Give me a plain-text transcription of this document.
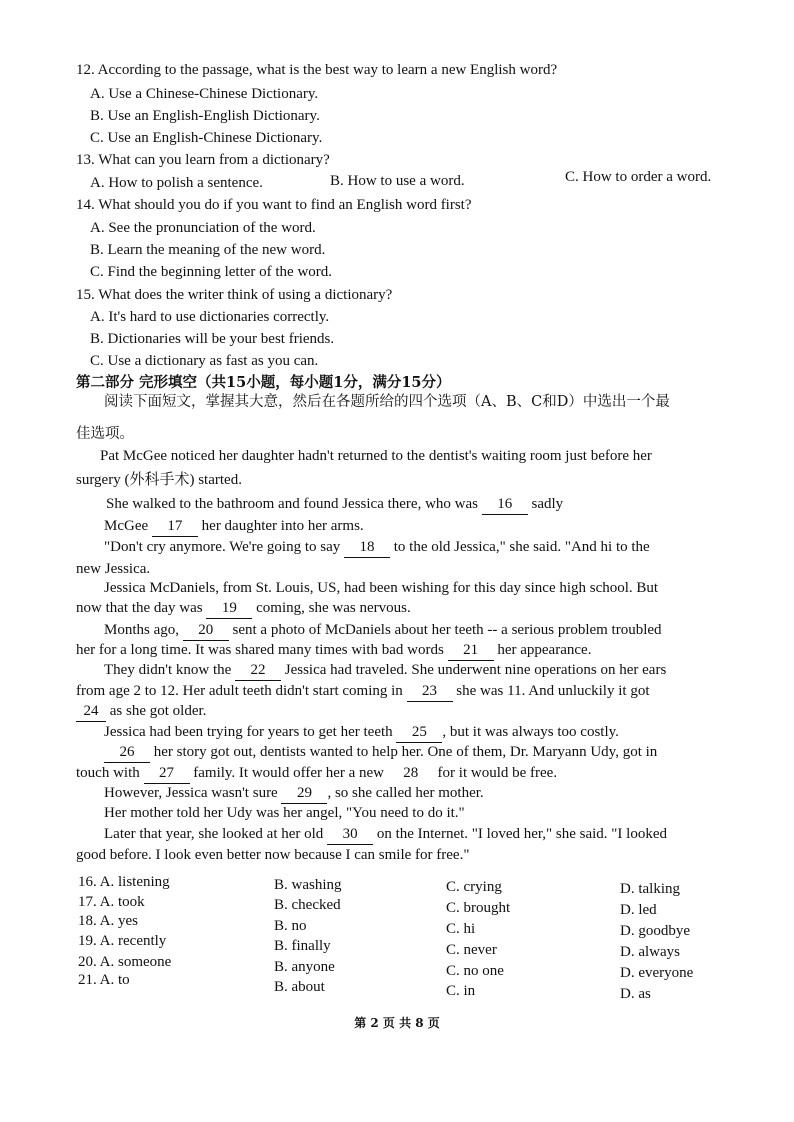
12. According to the passage, what is the best way to learn a new English word?
A. Use a Chinese-Chinese Dictionary.
B. Use an English-English Dictionary.
C. Use an English-Chinese Dictionary.
13. What can you learn from a dictionary?
A. How to polish a sentence.	B. How to use a word.	C. How to order a word.
14. What should you do if you want to find an English word first?
A. See the pronunciation of the word.
B. Learn the meaning of the new word.
C. Find the beginning letter of the word.
15. What does the writer think of using a dictionary?
A. It's hard to use dictionaries correctly.
B. Dictionaries will be your best friends.
C. Use a dictionary as fast as you can.
第二部分 完形填空（共15小题，每小题1分，满分15分）
阅读下面短文，掌握其大意，然后在各题所给的四个选项（A、B、C和D）中选出一个最
佳选项。
Pat McGee noticed her daughter hadn't returned to the dentist's waiting room just before her
surgery (外科手术) started.
She walked to the bathroom and found Jessica there, who was 16 sadly
McGee 17 her daughter into her arms.
"Don't cry anymore. We're going to say 18 to the old Jessica," she said. "And hi to the
new Jessica.
Jessica McDaniels, from St. Louis, US, had been wishing for this day since high school. But
now that the day was 19 coming, she was nervous.
Months ago, 20 sent a photo of McDaniels about her teeth -- a serious problem troubled
her for a long time. It was shared many times with bad words 21 her appearance.
They didn't know the 22 Jessica had traveled. She underwent nine operations on her ears
from age 2 to 12. Her adult teeth didn't start coming in 23 she was 11. And unluckily it got
24 as she got older.
Jessica had been trying for years to get her teeth 25 , but it was always too costly.
26 her story got out, dentists wanted to help her. One of them, Dr. Maryann Udy, got in
touch with 27 family. It would offer her a new 28 for it would be free.
However, Jessica wasn't sure 29 , so she called her mother.
Her mother told her Udy was her angel, "You need to do it."
Later that year, she looked at her old 30 on the Internet. "I loved her," she said. "I looked
good before. I look even better now because I can smile for free."
16. A. listening	B. washing	C. crying	D. talking
17. A. took	B. checked	C. brought	D. led
18. A. yes	B. no	C. hi	D. goodbye
19. A. recently	B. finally	C. never	D. always
20. A. someone	B. anyone	C. no one	D. everyone
21. A. to	B. about	C. in	D. as
第 2 页 共 8 页
